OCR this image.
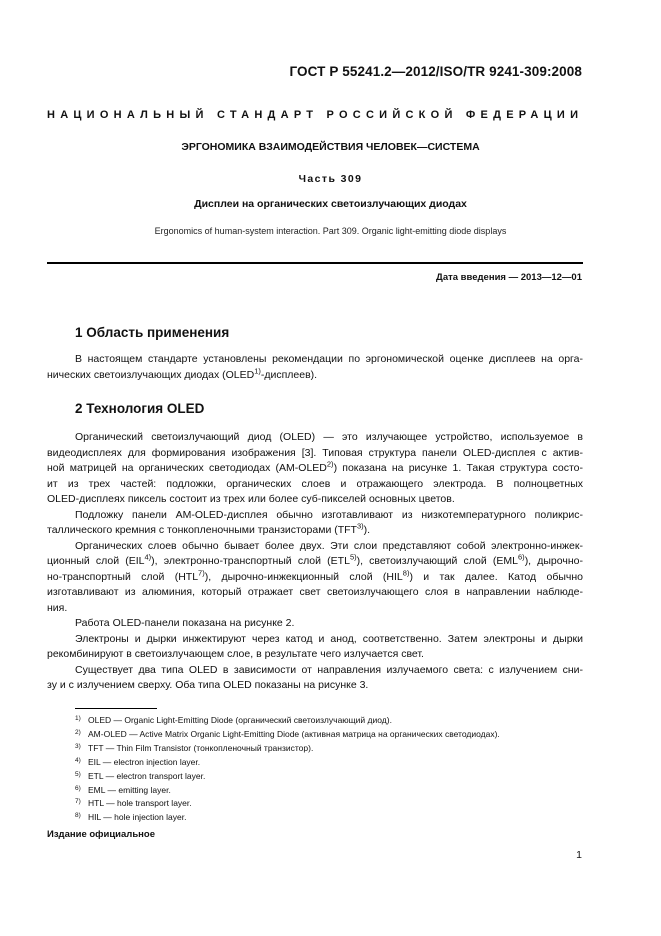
ГОСТ Р 55241.2—2012/ISO/TR 9241-309:2008
НАЦИОНАЛЬНЫЙ СТАНДАРТ РОССИЙСКОЙ ФЕДЕРАЦИИ
ЭРГОНОМИКА ВЗАИМОДЕЙСТВИЯ ЧЕЛОВЕК—СИСТЕМА
Часть 309
Дисплеи на органических светоизлучающих диодах
Ergonomics of human-system interaction. Part 309. Organic light-emitting diode displays
Дата введения — 2013—12—01
1 Область применения
В настоящем стандарте установлены рекомендации по эргономической оценке дисплеев на орга-
нических светоизлучающих диодах (OLED$^{1)}$-дисплеев).
2 Технология OLED
Органический светоизлучающий диод (OLED) — это излучающее устройство, используемое в
видеодисплеях для формирования изображения [3]. Типовая структура панели OLED-дисплея с актив-
ной матрицей на органических светодиодах (AM-OLED$^{2)}$) показана на рисунке 1. Такая структура состо-
ит из трех частей: подложки, органических слоев и отражающего электрода. В полноцветных
OLED-дисплеях пиксель состоит из трех или более суб-пикселей основных цветов.
Подложку панели AM-OLED-дисплея обычно изготавливают из низкотемпературного поликрис-
таллического кремния с тонкопленочными транзисторами (TFT$^{3)}$).
Органических слоев обычно бывает более двух. Эти слои представляют собой электронно-инжек-
ционный слой (EIL$^{4)}$), электронно-транспортный слой (ETL$^{5)}$), светоизлучающий слой (EML$^{6)}$), дырочно-
но-транспортный слой (HTL$^{7)}$), дырочно-инжекционный слой (HIL$^{8)}$) и так далее. Катод обычно
изготавливают из алюминия, который отражает свет светоизлучающего слоя в направлении наблюде-
ния.
Работа OLED-панели показана на рисунке 2.
Электроны и дырки инжектируют через катод и анод, соответственно. Затем электроны и дырки
рекомбинируют в светоизлучающем слое, в результате чего излучается свет.
Существует два типа OLED в зависимости от направления излучаемого света: с излучением сни-
зу и с излучением сверху. Оба типа OLED показаны на рисунке 3.
1) OLED — Organic Light-Emitting Diode (органический светоизлучающий диод).
2) AM-OLED — Active Matrix Organic Light-Emitting Diode (активная матрица на органических светодиодах).
3) TFT — Thin Film Transistor (тонкопленочный транзистор).
4) EIL — electron injection layer.
5) ETL — electron transport layer.
6) EML — emitting layer.
7) HTL — hole transport layer.
8) HIL — hole injection layer.
Издание официальное
1
